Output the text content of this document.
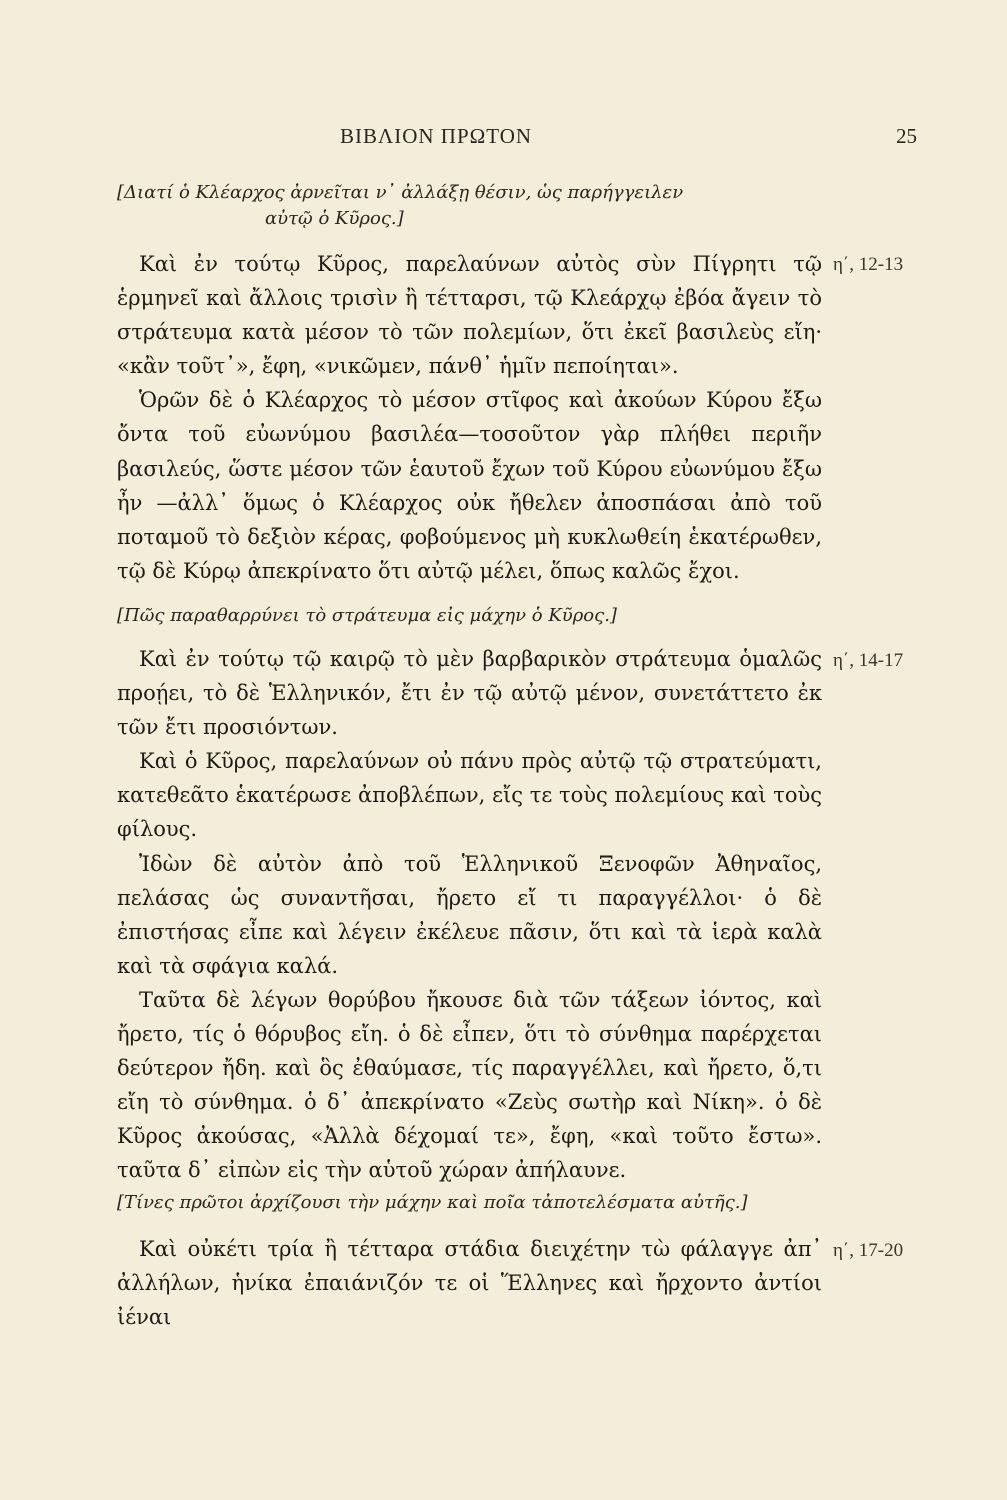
ΒΙΒΛΙΟΝ ΠΡΩΤΟΝ	25
[Διατί ὁ Κλέαρχος ἀρνεῖται ν᾿ ἀλλάξῃ θέσιν, ὡς παρήγγειλεν
αὐτῷ ὁ Κῦρος.]
η΄, 12-13

Καὶ ἐν τούτῳ Κῦρος, παρελαύνων αὐτὸς σὺν Πίγρητι τῷ ἑρμηνεῖ καὶ ἄλλοις τρισὶν ἢ τέτταρσι, τῷ Κλεάρχῳ ἐβόα ἄγειν τὸ στράτευμα κατὰ μέσον τὸ τῶν πολεμίων, ὅτι ἐκεῖ βασιλεὺς εἴη· «κἂν τοῦτ᾿», ἔφη, «νικῶμεν, πάνθ᾿ ἡμῖν πεποίηται».

Ὁρῶν δὲ ὁ Κλέαρχος τὸ μέσον στῖφος καὶ ἀκούων Κύρου ἔξω ὄντα τοῦ εὐωνύμου βασιλέα—τοσοῦτον γὰρ πλήθει περιῆν βασιλεύς, ὥστε μέσον τῶν ἑαυτοῦ ἔχων τοῦ Κύρου εὐωνύμου ἔξω ἦν —ἀλλ᾿ ὅμως ὁ Κλέαρχος οὐκ ἤθελεν ἀποσπάσαι ἀπὸ τοῦ ποταμοῦ τὸ δεξιὸν κέρας, φοβούμενος μὴ κυκλωθείη ἑκατέρωθεν, τῷ δὲ Κύρῳ ἀπεκρίνατο ὅτι αὐτῷ μέλει, ὅπως καλῶς ἔχοι.

[Πῶς παραθαρρύνει τὸ στράτευμα εἰς μάχην ὁ Κῦρος.]
η΄, 14-17

Καὶ ἐν τούτῳ τῷ καιρῷ τὸ μὲν βαρβαρικὸν στράτευμα ὁμαλῶς προῄει, τὸ δὲ Ἑλληνικόν, ἔτι ἐν τῷ αὐτῷ μένον, συνετάττετο ἐκ τῶν ἔτι προσιόντων.

Καὶ ὁ Κῦρος, παρελαύνων οὐ πάνυ πρὸς αὐτῷ τῷ στρατεύματι, κατεθεᾶτο ἑκατέρωσε ἀποβλέπων, εἴς τε τοὺς πολεμίους καὶ τοὺς φίλους.

Ἰδὼν δὲ αὐτὸν ἀπὸ τοῦ Ἑλληνικοῦ Ξενοφῶν Ἀθηναῖος, πελάσας ὡς συναντῆσαι, ἤρετο εἴ τι παραγγέλλοι· ὁ δὲ ἐπιστήσας εἶπε καὶ λέγειν ἐκέλευε πᾶσιν, ὅτι καὶ τὰ ἱερὰ καλὰ καὶ τὰ σφάγια καλά.

Ταῦτα δὲ λέγων θορύβου ἤκουσε διὰ τῶν τάξεων ἰόντος, καὶ ἤρετο, τίς ὁ θόρυβος εἴη. ὁ δὲ εἶπεν, ὅτι τὸ σύνθημα παρέρχεται δεύτερον ἤδη. καὶ ὃς ἐθαύμασε, τίς παραγγέλλει, καὶ ἤρετο, ὅ,τι εἴη τὸ σύνθημα. ὁ δ᾿ ἀπεκρίνατο «Ζεὺς σωτὴρ καὶ Νίκη». ὁ δὲ Κῦρος ἀκούσας, «Ἀλλὰ δέχομαί τε», ἔφη, «καὶ τοῦτο ἔστω». ταῦτα δ᾿ εἰπὼν εἰς τὴν αὑτοῦ χώραν ἀπήλαυνε.

[Τίνες πρῶτοι ἀρχίζουσι τὴν μάχην καὶ ποῖα τἀποτελέσματα αὐτῆς.]
η΄, 17-20

Καὶ οὐκέτι τρία ἢ τέτταρα στάδια διειχέτην τὼ φάλαγγε ἀπ᾿ ἀλλήλων, ἡνίκα ἐπαιάνιζόν τε οἱ Ἕλληνες καὶ ἤρχοντο ἀντίοι ἰέναι
